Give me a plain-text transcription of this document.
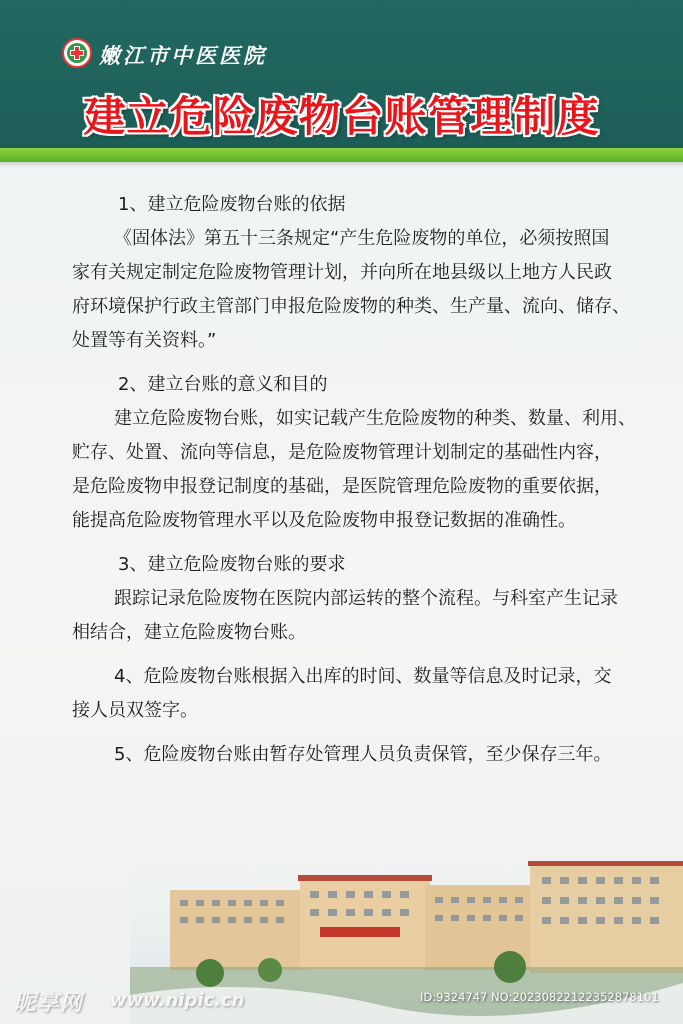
嫩江市中医医院
建立危险废物台账管理制度
1、建立危险废物台账的依据
《固体法》第五十三条规定“产生危险废物的单位，必须按照国
家有关规定制定危险废物管理计划，并向所在地县级以上地方人民政
府环境保护行政主管部门申报危险废物的种类、生产量、流向、储存、
处置等有关资料。”
2、建立台账的意义和目的
建立危险废物台账，如实记载产生危险废物的种类、数量、利用、
贮存、处置、流向等信息，是危险废物管理计划制定的基础性内容，
是危险废物申报登记制度的基础，是医院管理危险废物的重要依据，
能提高危险废物管理水平以及危险废物申报登记数据的准确性。
3、建立危险废物台账的要求
跟踪记录危险废物在医院内部运转的整个流程。与科室产生记录
相结合，建立危险废物台账。
4、危险废物台账根据入出库的时间、数量等信息及时记录，交
接人员双签字。
5、危险废物台账由暂存处管理人员负责保管，至少保存三年。
昵享网 www.nipic.cn	ID:9324747 NO:20230822122352878101
